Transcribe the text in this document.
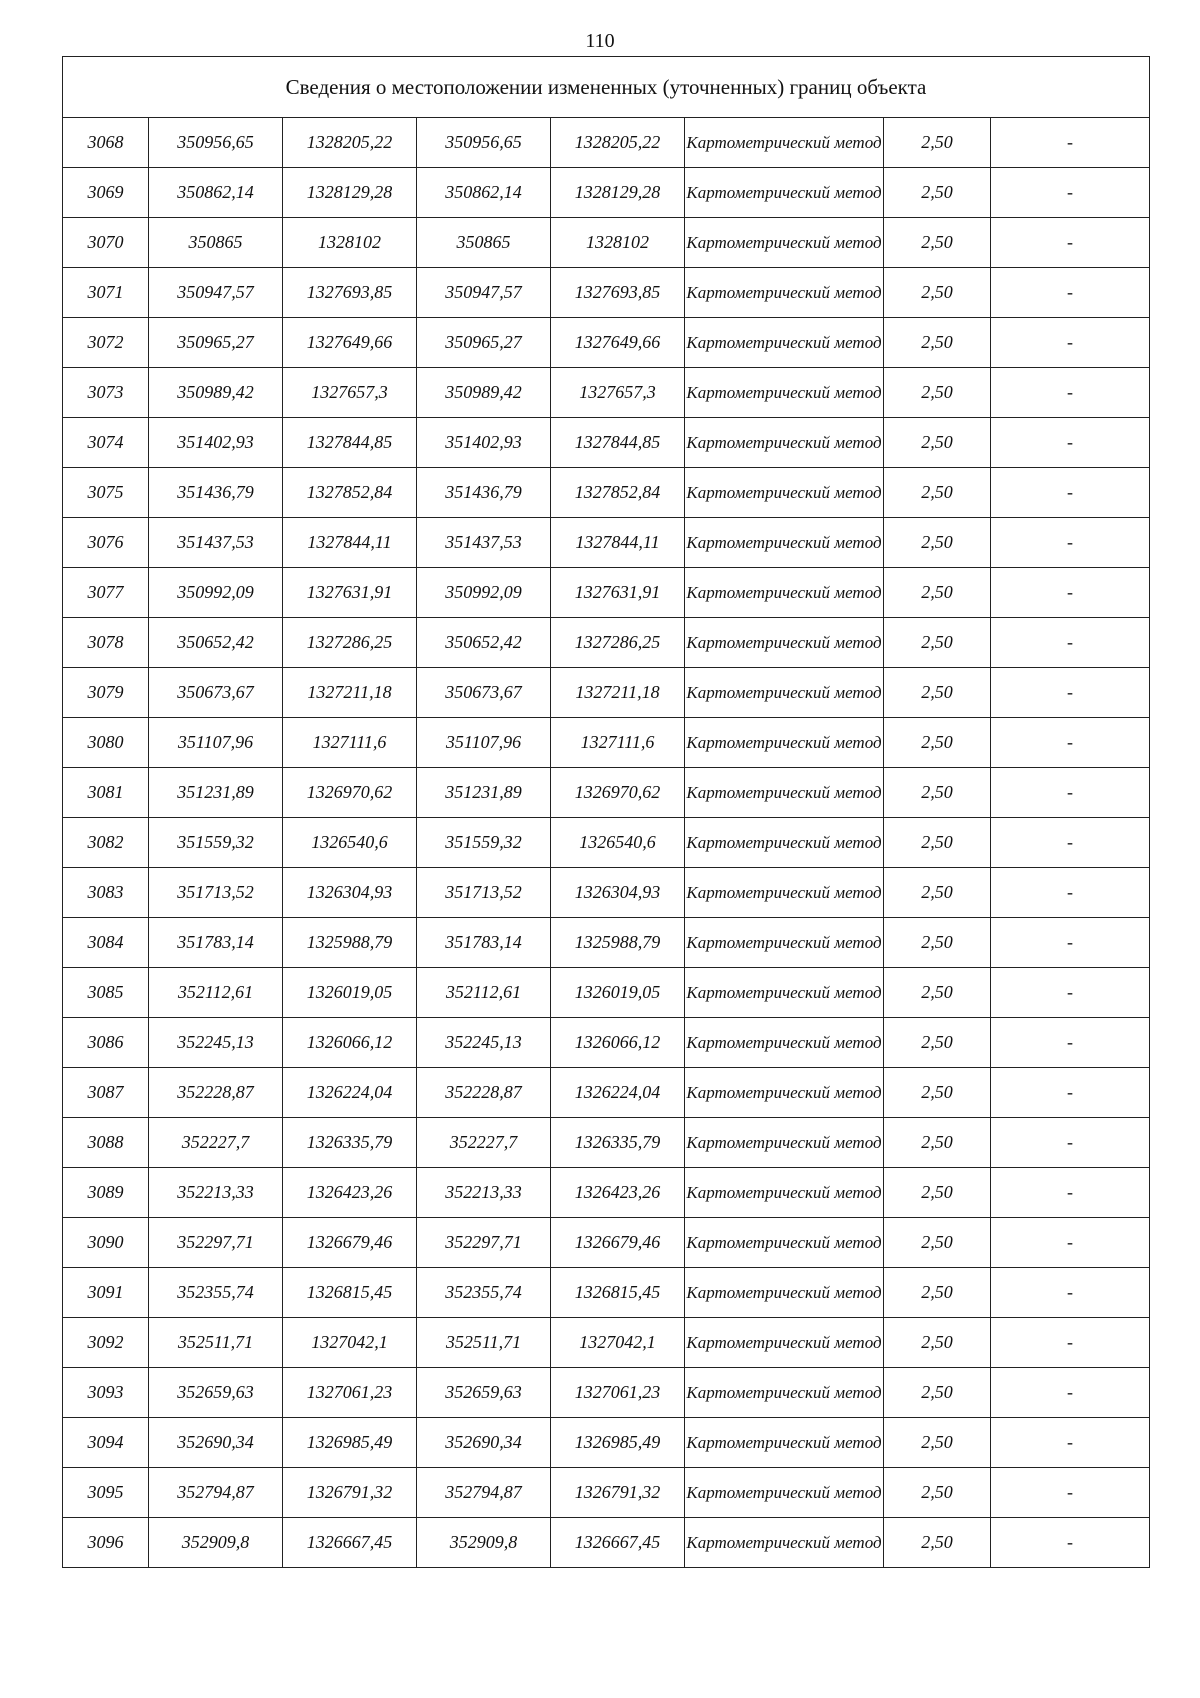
110
Сведения о местоположении измененных (уточненных) границ объекта							
3068	350956,65	1328205,22	350956,65	1328205,22	Картометрический метод	2,50	-
3069	350862,14	1328129,28	350862,14	1328129,28	Картометрический метод	2,50	-
3070	350865	1328102	350865	1328102	Картометрический метод	2,50	-
3071	350947,57	1327693,85	350947,57	1327693,85	Картометрический метод	2,50	-
3072	350965,27	1327649,66	350965,27	1327649,66	Картометрический метод	2,50	-
3073	350989,42	1327657,3	350989,42	1327657,3	Картометрический метод	2,50	-
3074	351402,93	1327844,85	351402,93	1327844,85	Картометрический метод	2,50	-
3075	351436,79	1327852,84	351436,79	1327852,84	Картометрический метод	2,50	-
3076	351437,53	1327844,11	351437,53	1327844,11	Картометрический метод	2,50	-
3077	350992,09	1327631,91	350992,09	1327631,91	Картометрический метод	2,50	-
3078	350652,42	1327286,25	350652,42	1327286,25	Картометрический метод	2,50	-
3079	350673,67	1327211,18	350673,67	1327211,18	Картометрический метод	2,50	-
3080	351107,96	1327111,6	351107,96	1327111,6	Картометрический метод	2,50	-
3081	351231,89	1326970,62	351231,89	1326970,62	Картометрический метод	2,50	-
3082	351559,32	1326540,6	351559,32	1326540,6	Картометрический метод	2,50	-
3083	351713,52	1326304,93	351713,52	1326304,93	Картометрический метод	2,50	-
3084	351783,14	1325988,79	351783,14	1325988,79	Картометрический метод	2,50	-
3085	352112,61	1326019,05	352112,61	1326019,05	Картометрический метод	2,50	-
3086	352245,13	1326066,12	352245,13	1326066,12	Картометрический метод	2,50	-
3087	352228,87	1326224,04	352228,87	1326224,04	Картометрический метод	2,50	-
3088	352227,7	1326335,79	352227,7	1326335,79	Картометрический метод	2,50	-
3089	352213,33	1326423,26	352213,33	1326423,26	Картометрический метод	2,50	-
3090	352297,71	1326679,46	352297,71	1326679,46	Картометрический метод	2,50	-
3091	352355,74	1326815,45	352355,74	1326815,45	Картометрический метод	2,50	-
3092	352511,71	1327042,1	352511,71	1327042,1	Картометрический метод	2,50	-
3093	352659,63	1327061,23	352659,63	1327061,23	Картометрический метод	2,50	-
3094	352690,34	1326985,49	352690,34	1326985,49	Картометрический метод	2,50	-
3095	352794,87	1326791,32	352794,87	1326791,32	Картометрический метод	2,50	-
3096	352909,8	1326667,45	352909,8	1326667,45	Картометрический метод	2,50	-
